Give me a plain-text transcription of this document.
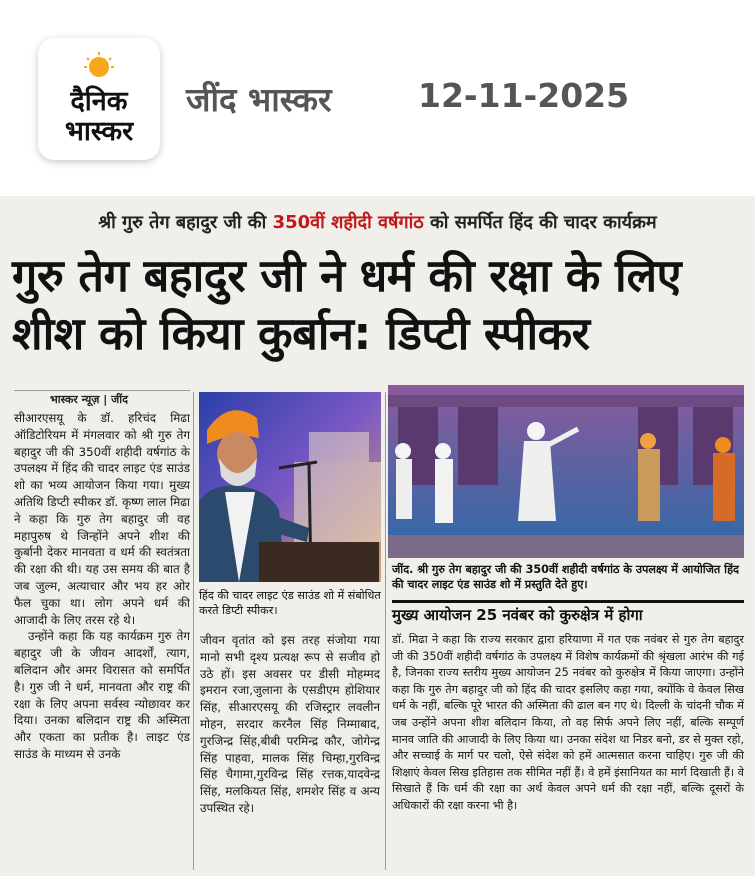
दैनिक
भास्कर
जींद भास्कर	12-11-2025
श्री गुरु तेग बहादुर जी की 350वीं शहीदी वर्षगांठ को समर्पित हिंद की चादर कार्यक्रम
गुरु तेग बहादुर जी ने धर्म की रक्षा के लिए
शीश को किया कुर्बान: डिप्टी स्पीकर
भास्कर न्यूज़ | जींद

सीआरएसयू के डॉ. हरिचंद मिढा ऑडिटोरियम में मंगलवार को श्री गुरु तेग बहादुर जी की 350वीं शहीदी वर्षगांठ के उपलक्ष्य में हिंद की चादर लाइट एंड साउंड शो का भव्य आयोजन किया गया। मुख्य अतिथि डिप्टी स्पीकर डॉ. कृष्ण लाल मिढा ने कहा कि गुरु तेग बहादुर जी वह महापुरुष थे जिन्होंने अपने शीश की कुर्बानी देकर मानवता व धर्म की स्वतंत्रता की रक्षा की थी। यह उस समय की बात है जब जुल्म, अत्याचार और भय हर ओर फैल चुका था। लोग अपने धर्म की आजादी के लिए तरस रहे थे।

उन्होंने कहा कि यह कार्यक्रम गुरु तेग बहादुर जी के जीवन आदर्शों, त्याग, बलिदान और अमर विरासत को समर्पित है। गुरु जी ने धर्म, मानवता और राष्ट्र की रक्षा के लिए अपना सर्वस्व न्योछावर कर दिया। उनका बलिदान राष्ट्र की अस्मिता और एकता का प्रतीक है। लाइट एंड साउंड के माध्यम से उनके

हिंद की चादर लाइट एंड साउंड शो में संबोधित करते डिप्टी स्पीकर।

जीवन वृतांत को इस तरह संजोया गया मानो सभी दृश्य प्रत्यक्ष रूप से सजीव हो उठे हों। इस अवसर पर डीसी मोहम्मद इमरान रजा,जुलाना के एसडीएम होशियार सिंह, सीआरएसयू की रजिस्ट्रार लवलीन मोहन, सरदार करनैल सिंह निम्माबाद, गुरजिन्द्र सिंह,बीबी परमिन्द्र कौर, जोगेन्द्र सिंह पाहवा, मालक सिंह चिम्हा,गुरविन्द्र सिंह चैगामा,गुरविन्द्र सिंह रत्तक,यादवेन्द्र सिंह, मलकियत सिंह, शमशेर सिंह व अन्य उपस्थित रहे।

जींद. श्री गुरु तेग बहादुर जी की 350वीं शहीदी वर्षगांठ के उपलक्ष्य में आयोजित हिंद की चादर लाइट एंड साउंड शो में प्रस्तुति देते हुए।
मुख्य आयोजन 25 नवंबर को कुरुक्षेत्र में होगा

डॉ. मिढा ने कहा कि राज्य सरकार द्वारा हरियाणा में गत एक नवंबर से गुरु तेग बहादुर जी की 350वीं शहीदी वर्षगांठ के उपलक्ष्य में विशेष कार्यक्रमों की श्रृंखला आरंभ की गई है, जिनका राज्य स्तरीय मुख्य आयोजन 25 नवंबर को कुरुक्षेत्र में किया जाएगा। उन्होंने कहा कि गुरु तेग बहादुर जी को हिंद की चादर इसलिए कहा गया, क्योंकि वे केवल सिख धर्म के नहीं, बल्कि पूरे भारत की अस्मिता की ढाल बन गए थे। दिल्ली के चांदनी चौक में जब उन्होंने अपना शीश बलिदान किया, तो वह सिर्फ अपने लिए नहीं, बल्कि सम्पूर्ण मानव जाति की आजादी के लिए किया था। उनका संदेश था निडर बनो, डर से मुक्त रहो, और सच्चाई के मार्ग पर चलो, ऐसे संदेश को हमें आत्मसात करना चाहिए। गुरु जी की शिक्षाएं केवल सिख इतिहास तक सीमित नहीं हैं। वे हमें इंसानियत का मार्ग दिखाती हैं। वे सिखाते हैं कि धर्म की रक्षा का अर्थ केवल अपने धर्म की रक्षा नहीं, बल्कि दूसरों के अधिकारों की रक्षा करना भी है।
